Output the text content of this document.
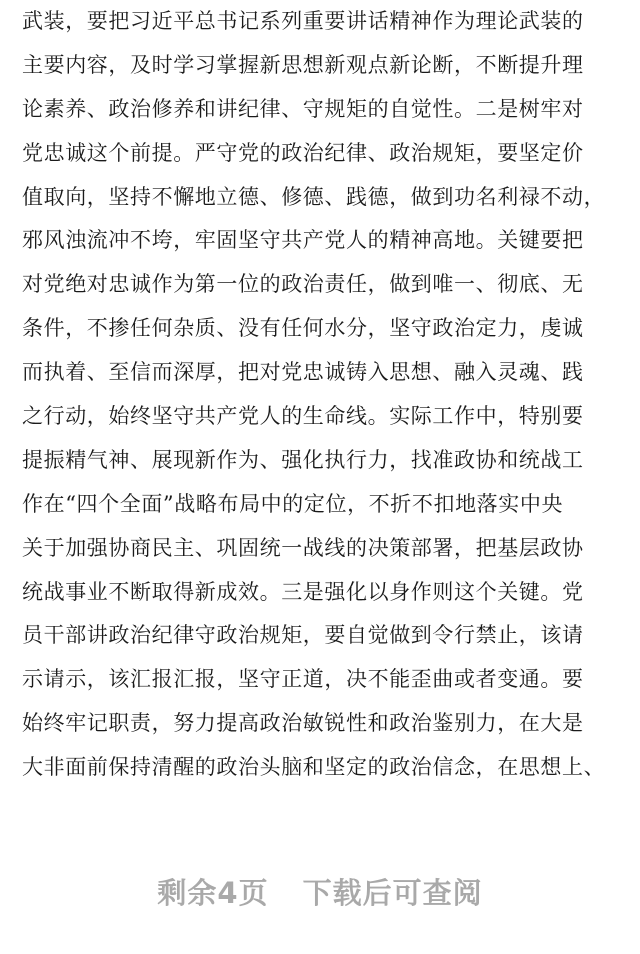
武装，要把习近平总书记系列重要讲话精神作为理论武装的
主要内容，及时学习掌握新思想新观点新论断，不断提升理
论素养、政治修养和讲纪律、守规矩的自觉性。二是树牢对
党忠诚这个前提。严守党的政治纪律、政治规矩，要坚定价
值取向，坚持不懈地立德、修德、践德，做到功名利禄不动，
邪风浊流冲不垮，牢固坚守共产党人的精神高地。关键要把
对党绝对忠诚作为第一位的政治责任，做到唯一、彻底、无
条件，不掺任何杂质、没有任何水分，坚守政治定力，虔诚
而执着、至信而深厚，把对党忠诚铸入思想、融入灵魂、践
之行动，始终坚守共产党人的生命线。实际工作中，特别要
提振精气神、展现新作为、强化执行力，找准政协和统战工
作在“四个全面”战略布局中的定位，不折不扣地落实中央
关于加强协商民主、巩固统一战线的决策部署，把基层政协
统战事业不断取得新成效。三是强化以身作则这个关键。党
员干部讲政治纪律守政治规矩，要自觉做到令行禁止，该请
示请示，该汇报汇报，坚守正道，决不能歪曲或者变通。要
始终牢记职责，努力提高政治敏锐性和政治鉴别力，在大是
大非面前保持清醒的政治头脑和坚定的政治信念，在思想上、
剩余4页 下载后可查阅
